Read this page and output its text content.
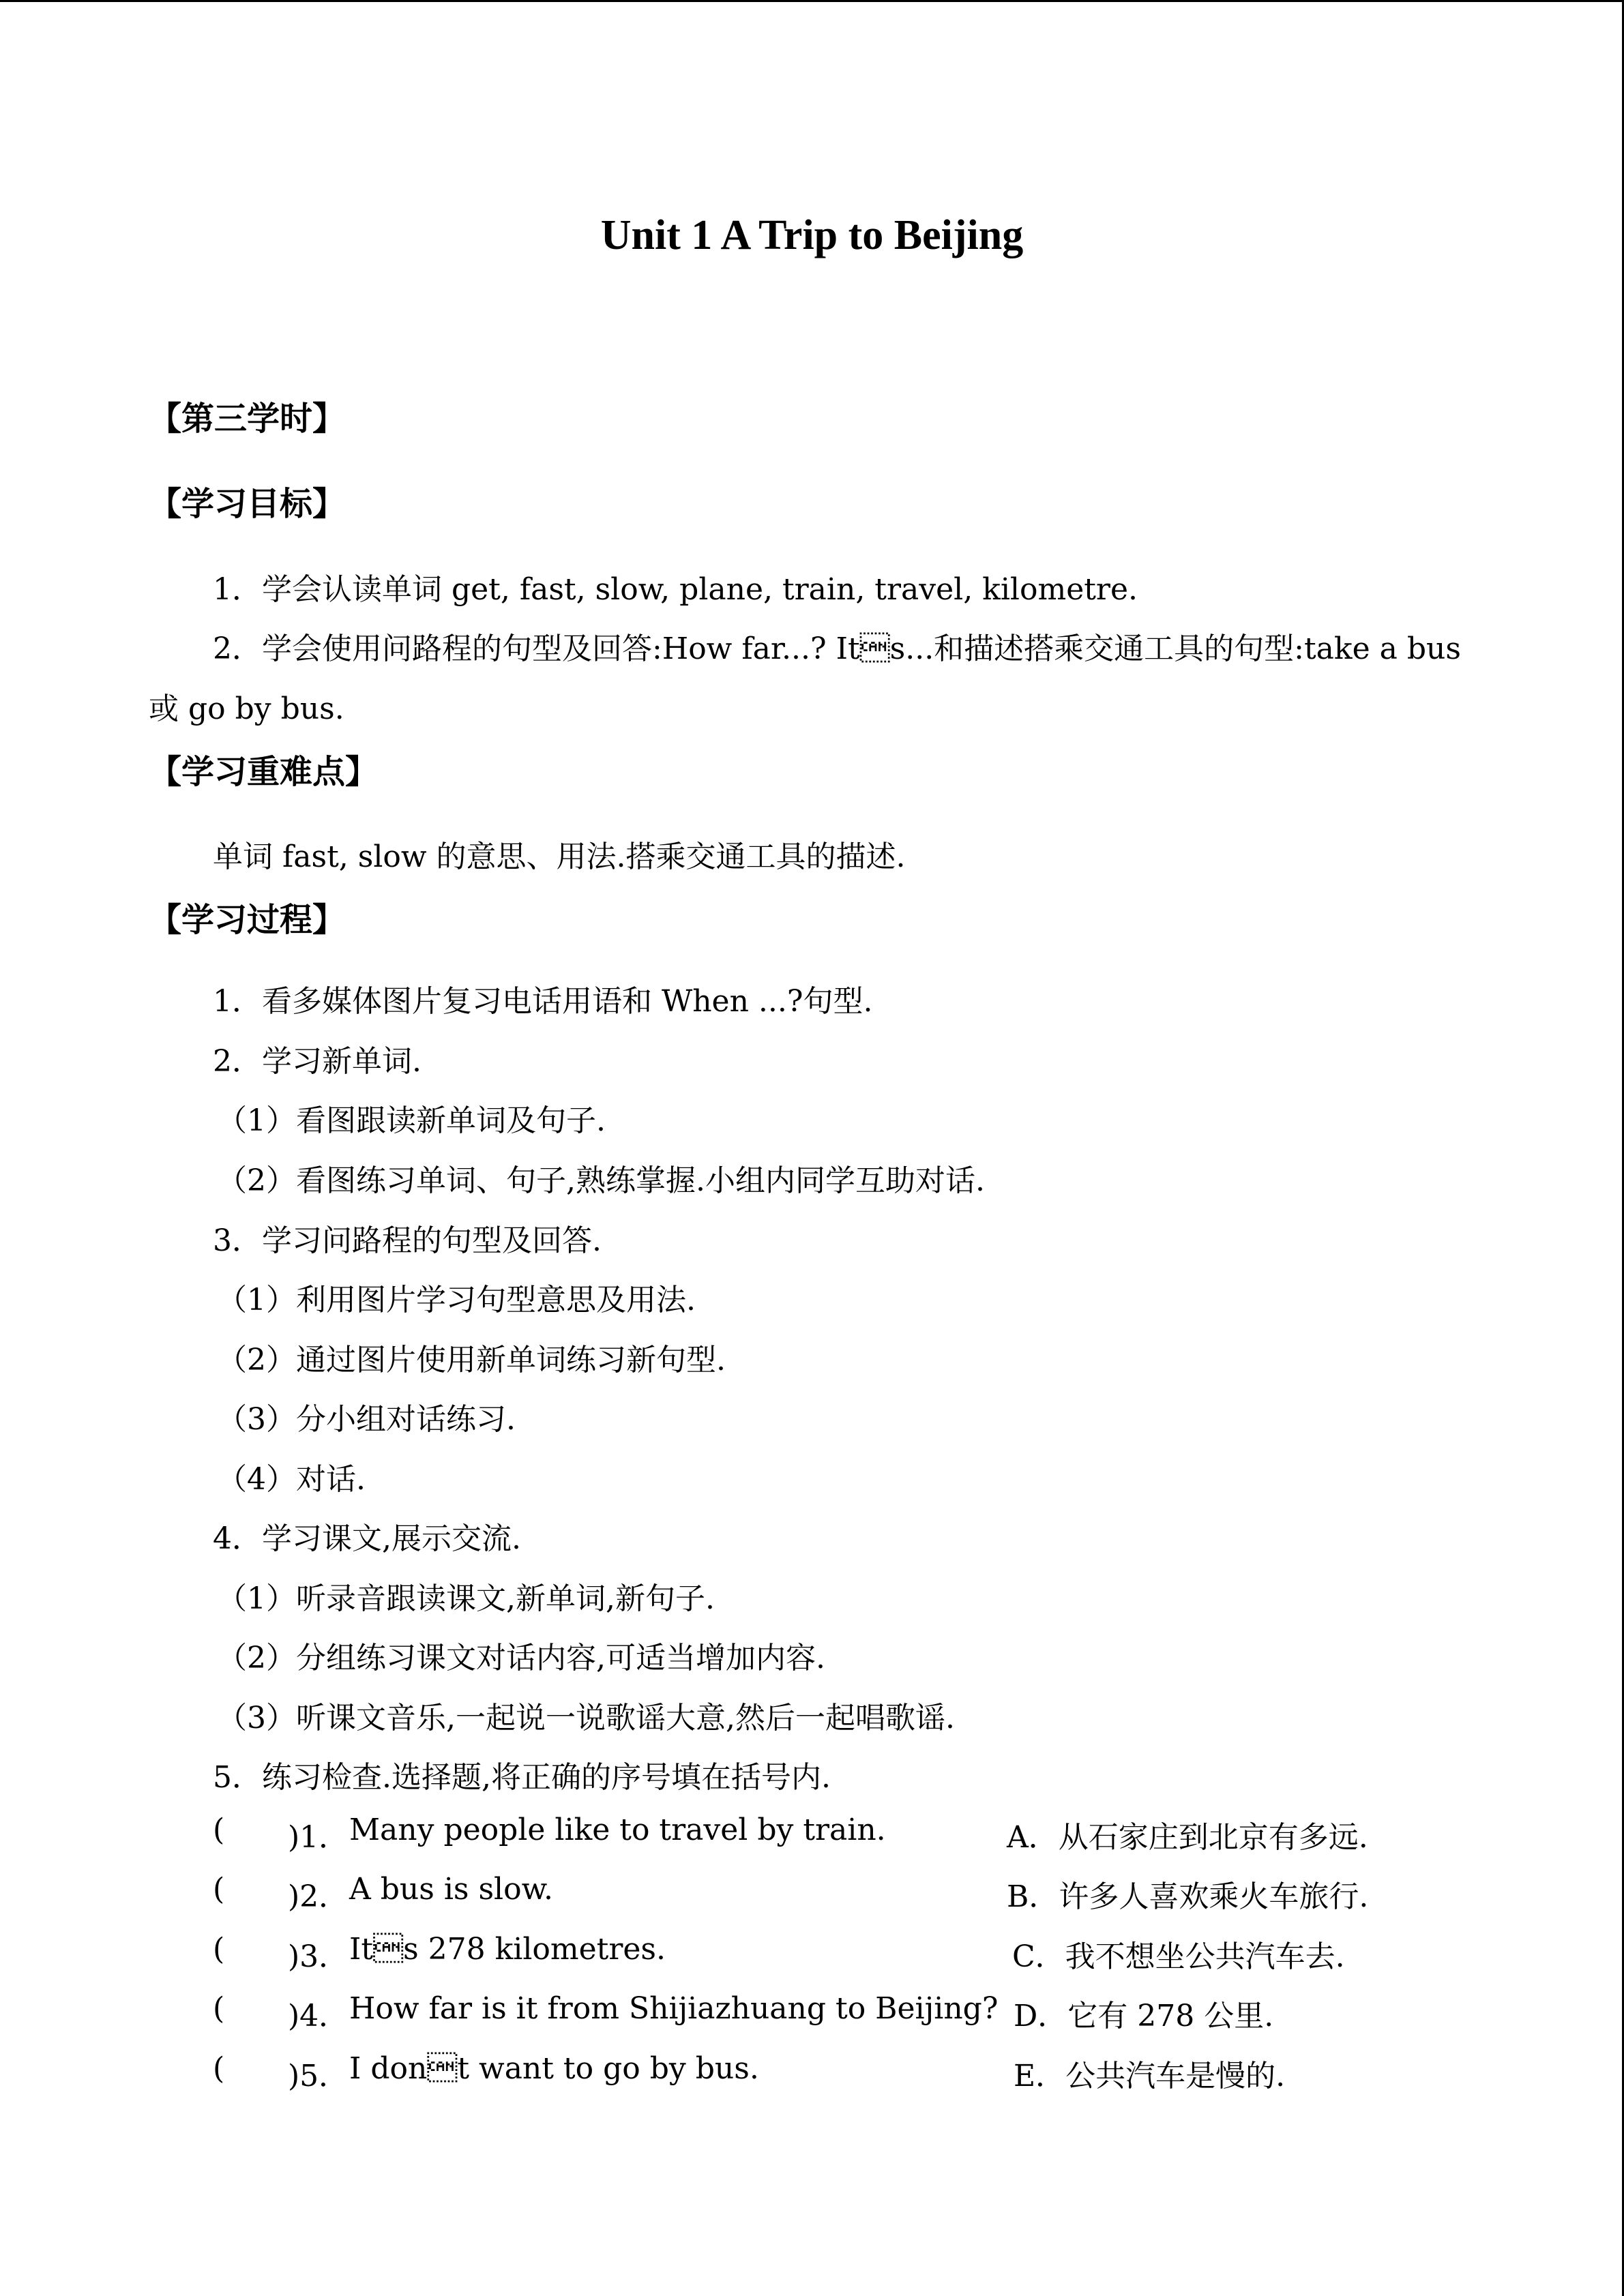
Unit 1 A Trip to Beijing
【第三学时】
【学习目标】
1．学会认读单词 get, fast, slow, plane, train, travel, kilometre.
2．学会使用问路程的句型及回答:How far...? Its...和描述搭乘交通工具的句型:take a bus
或 go by bus.
【学习重难点】
单词 fast, slow 的意思、用法.搭乘交通工具的描述.
【学习过程】
1．看多媒体图片复习电话用语和 When ...?句型.
2．学习新单词.
（1）看图跟读新单词及句子.
（2）看图练习单词、句子,熟练掌握.小组内同学互助对话.
3．学习问路程的句型及回答.
（1）利用图片学习句型意思及用法.
（2）通过图片使用新单词练习新句型.
（3）分小组对话练习.
（4）对话.
4．学习课文,展示交流.
（1）听录音跟读课文,新单词,新句子.
（2）分组练习课文对话内容,可适当增加内容.
（3）听课文音乐,一起说一说歌谣大意,然后一起唱歌谣.
5．练习检查.选择题,将正确的序号填在括号内.
( )1． Many people like to travel by train.	A．从石家庄到北京有多远.
( )2． A bus is slow.	B．许多人喜欢乘火车旅行.
( )3． Its 278 kilometres.	C．我不想坐公共汽车去.
( )4． How far is it from Shijiazhuang to Beijing? D．它有 278 公里.
( )5． I dont want to go by bus.	E．公共汽车是慢的.
